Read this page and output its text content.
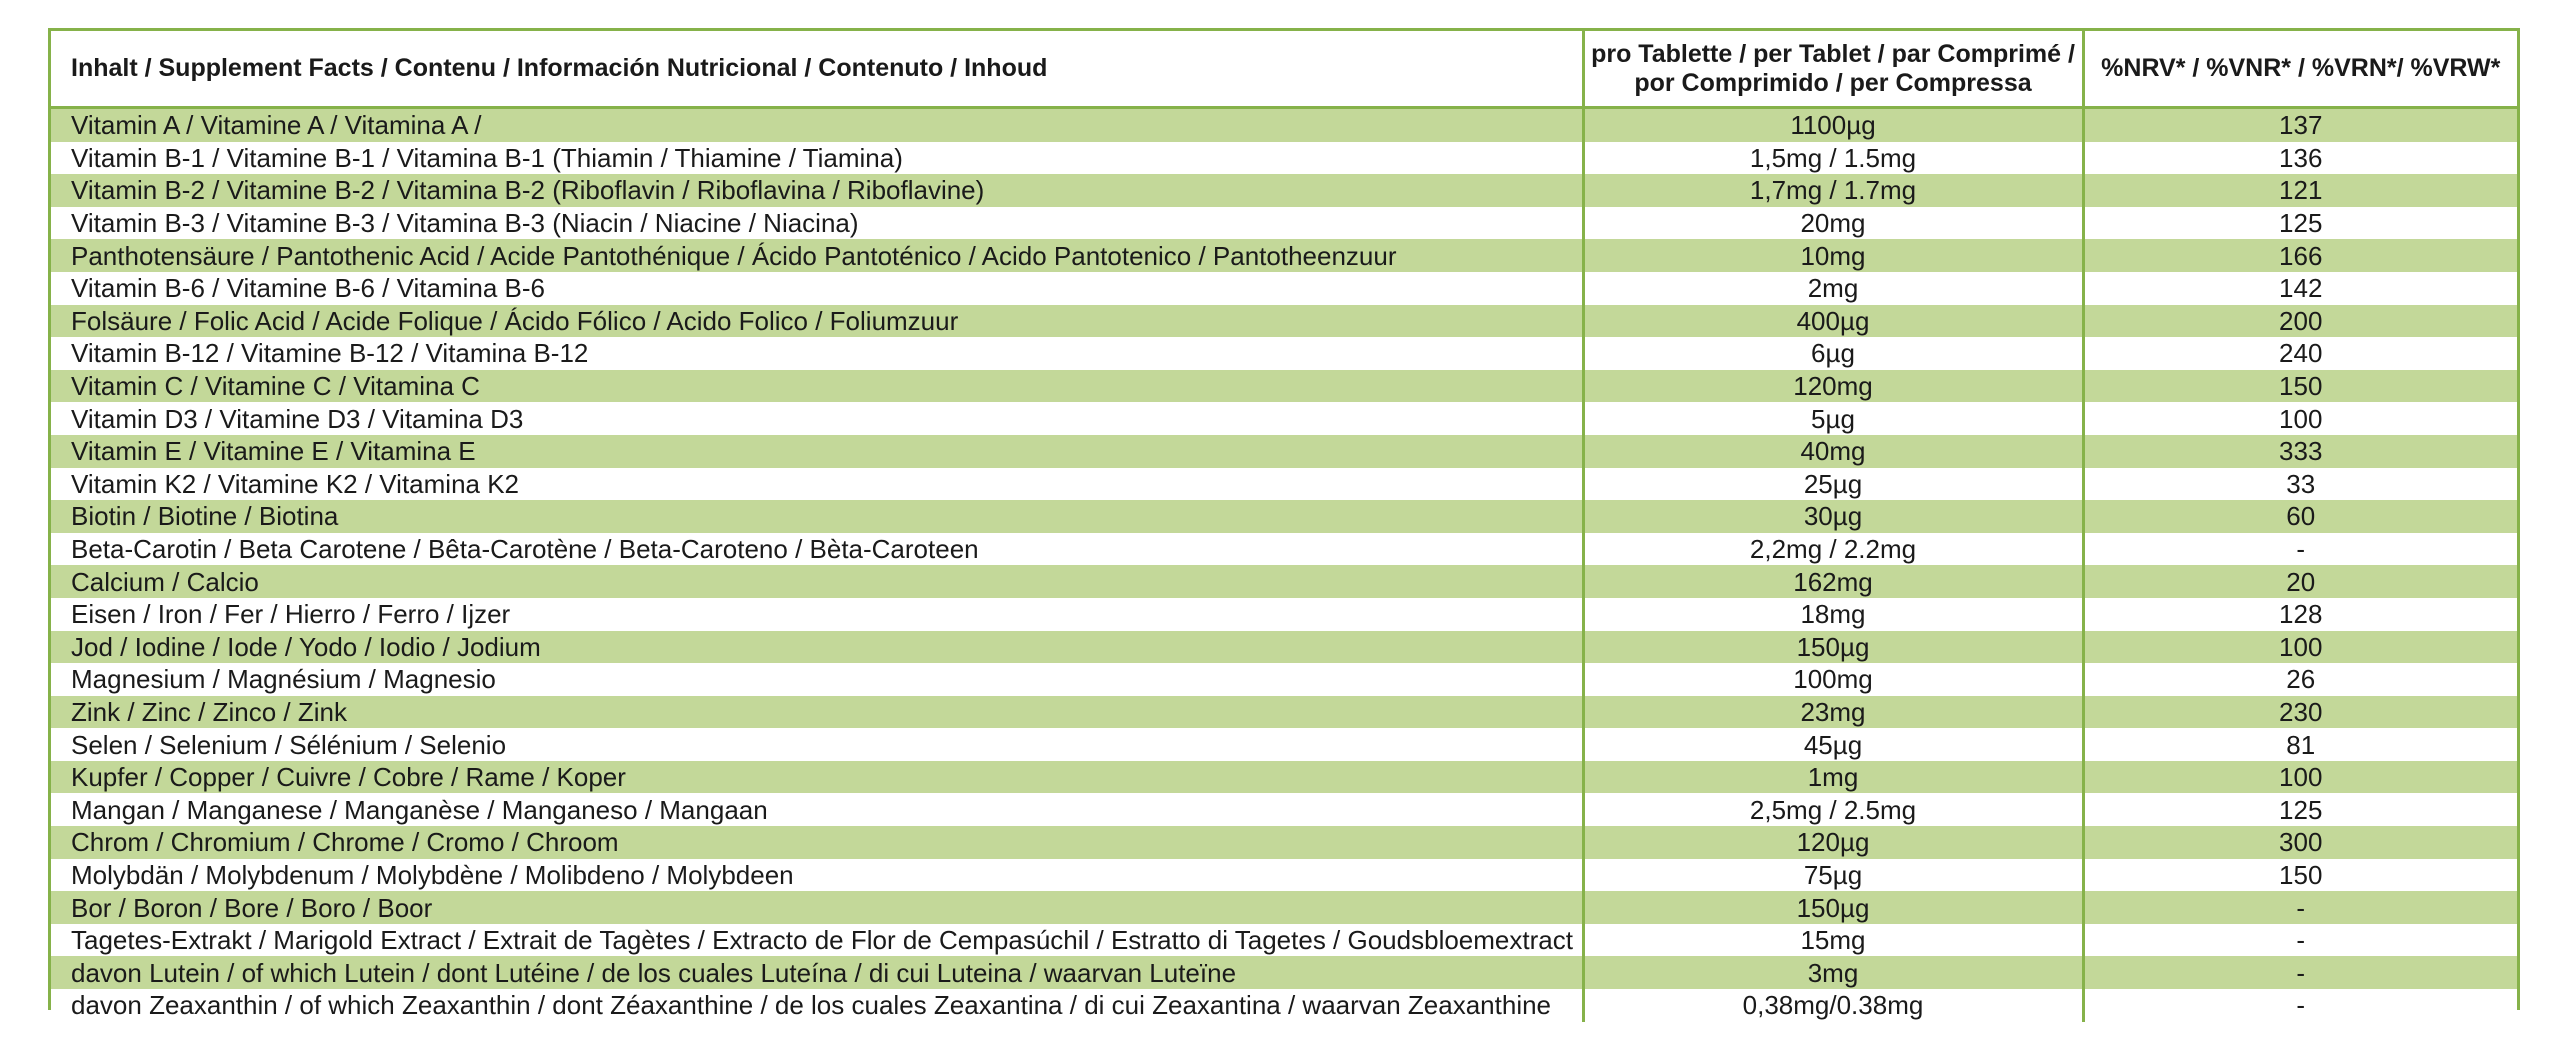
Inhalt / Supplement Facts / Contenu / Información Nutricional / Contenuto / Inhoud	pro Tablette / per Tablet / par Comprimé /
por Comprimido / per Compressa	%NRV* / %VNR* / %VRN*/ %VRW*
Vitamin A / Vitamine A / Vitamina A /	1100µg	137
Vitamin B-1 / Vitamine B-1 / Vitamina B-1 (Thiamin / Thiamine / Tiamina)	1,5mg / 1.5mg	136
Vitamin B-2 / Vitamine B-2 / Vitamina B-2 (Riboflavin / Riboflavina / Riboflavine)	1,7mg / 1.7mg	121
Vitamin B-3 / Vitamine B-3 / Vitamina B-3 (Niacin / Niacine / Niacina)	20mg	125
Panthotensäure / Pantothenic Acid / Acide Pantothénique / Ácido Pantoténico / Acido Pantotenico / Pantotheenzuur	10mg	166
Vitamin B-6 / Vitamine B-6 / Vitamina B-6	2mg	142
Folsäure / Folic Acid / Acide Folique / Ácido Fólico / Acido Folico / Foliumzuur	400µg	200
Vitamin B-12 / Vitamine B-12 / Vitamina B-12	6µg	240
Vitamin C / Vitamine C / Vitamina C	120mg	150
Vitamin D3 / Vitamine D3 / Vitamina D3	5µg	100
Vitamin E / Vitamine E / Vitamina E	40mg	333
Vitamin K2 / Vitamine K2 / Vitamina K2	25µg	33
Biotin / Biotine / Biotina	30µg	60
Beta-Carotin / Beta Carotene / Bêta-Carotène / Beta-Caroteno / Bèta-Caroteen	2,2mg / 2.2mg	-
Calcium / Calcio	162mg	20
Eisen / Iron / Fer / Hierro / Ferro / Ijzer	18mg	128
Jod / Iodine / Iode / Yodo / Iodio / Jodium	150µg	100
Magnesium / Magnésium / Magnesio	100mg	26
Zink / Zinc / Zinco / Zink	23mg	230
Selen / Selenium / Sélénium / Selenio	45µg	81
Kupfer / Copper / Cuivre / Cobre / Rame / Koper	1mg	100
Mangan / Manganese / Manganèse / Manganeso / Mangaan	2,5mg / 2.5mg	125
Chrom / Chromium / Chrome / Cromo / Chroom	120µg	300
Molybdän / Molybdenum / Molybdène / Molibdeno / Molybdeen	75µg	150
Bor / Boron / Bore / Boro / Boor	150µg	-
Tagetes-Extrakt / Marigold Extract / Extrait de Tagètes / Extracto de Flor de Cempasúchil / Estratto di Tagetes / Goudsbloemextract	15mg	-
davon Lutein / of which Lutein / dont Lutéine / de los cuales Luteína / di cui Luteina / waarvan Luteïne	3mg	-
davon Zeaxanthin / of which Zeaxanthin / dont Zéaxanthine / de los cuales Zeaxantina / di cui Zeaxantina / waarvan Zeaxanthine	0,38mg/0.38mg	-
